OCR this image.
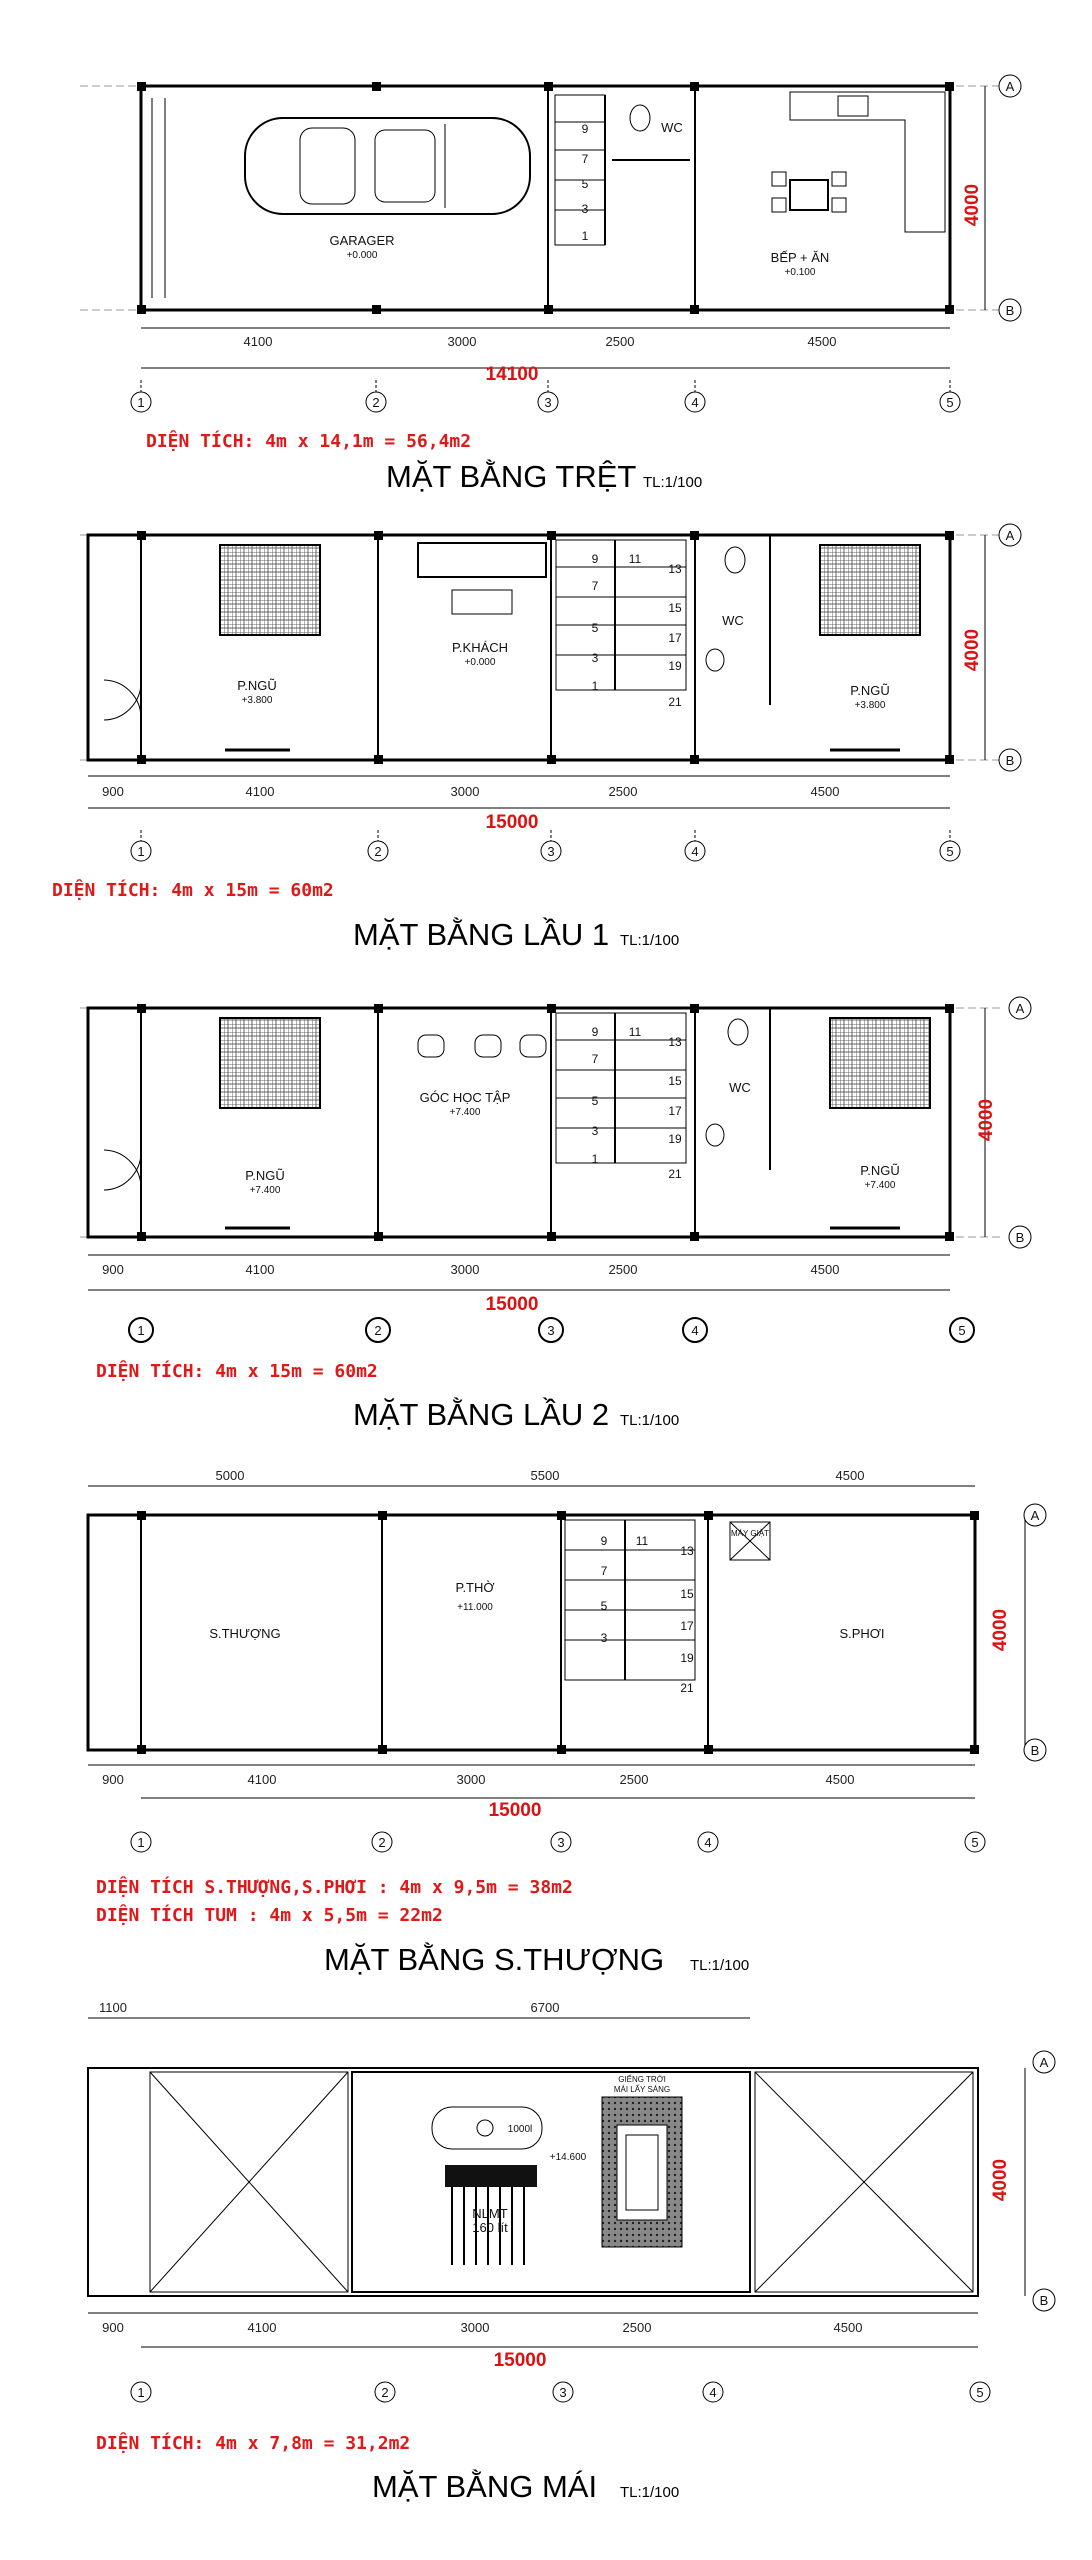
9
7
5
3
1
GARAGER
+0.000
WC
BẾP + ĂN
+0.100
4000
A
B
4100	3000	2500	4500
14100
1	2	3	4	5
DIỆN TÍCH: 4m x 14,1m = 56,4m2
MẶT BẰNG TRỆT TL:1/100
9	11
13
7
15
5
17
3
19
1
21
P.NGŨ
+3.800
P.KHÁCH
+0.000
WC
P.NGŨ
+3.800
4000
A
B
900	4100	3000	2500	4500
15000
1	2	3	4	5
DIỆN TÍCH: 4m x 15m = 60m2
MẶT BẰNG LẦU 1 TL:1/100
9	11
13
7
15
5
17
3
19
1
21
P.NGŨ
+7.400
GÓC HỌC TẬP
+7.400
WC
P.NGŨ
+7.400
4000
A
B
900	4100	3000	2500	4500
15000
1	2	3	4	5
DIỆN TÍCH: 4m x 15m = 60m2
MẶT BẰNG LẦU 2 TL:1/100
5000	5500	4500
9 11
13
7
15
5
17
3
19
21
MÁY GIẶT
S.THƯỢNG
P.THỜ
+11.000
S.PHƠI	4000
A
B
900	4100	3000	2500	4500
15000
1	2	3	4	5
DIỆN TÍCH S.THƯỢNG,S.PHƠI : 4m x 9,5m = 38m2
DIỆN TÍCH TUM : 4m x 5,5m = 22m2
MẶT BẰNG S.THƯỢNG TL:1/100
1100	6700
1000l
+14.600
NLMT
160 lít
GIẾNG TRỜI
MÁI LẤY SÁNG
4000
A
B
900	4100	3000	2500	4500
15000
1	2	3	4	5
DIỆN TÍCH: 4m x 7,8m = 31,2m2
MẶT BẰNG MÁI TL:1/100
